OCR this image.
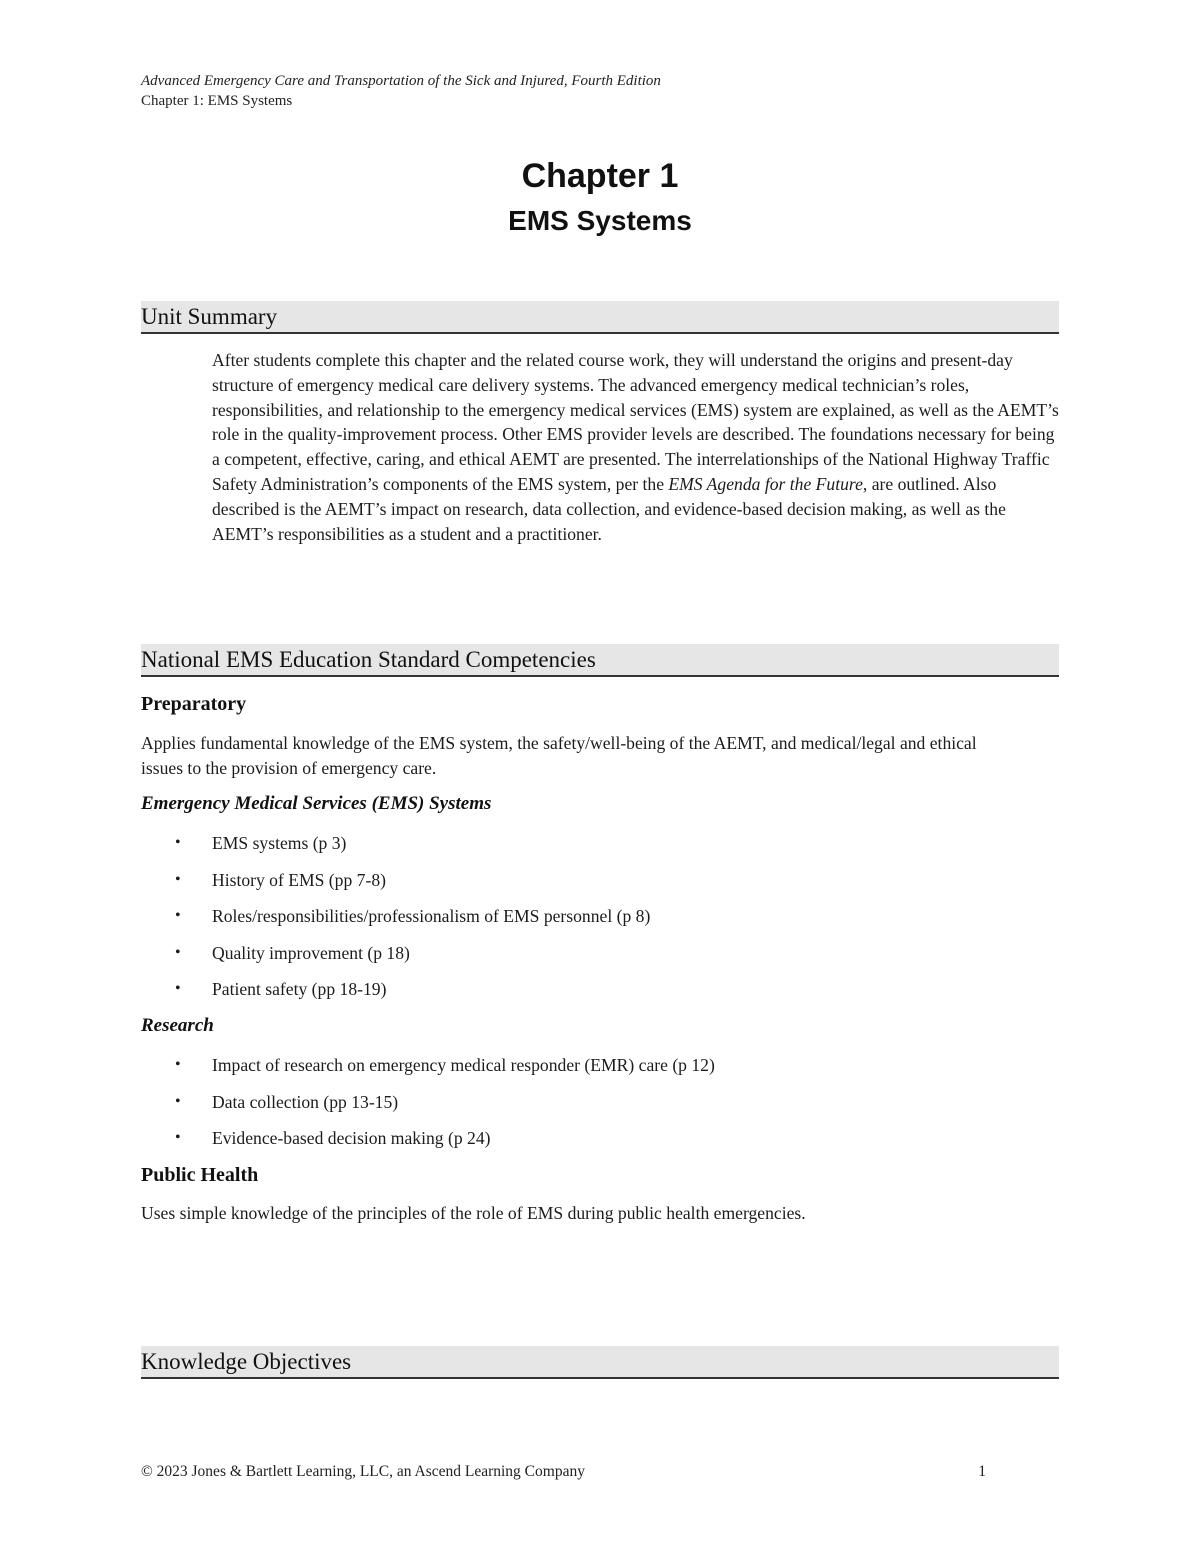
Advanced Emergency Care and Transportation of the Sick and Injured, Fourth Edition
Chapter 1: EMS Systems
Chapter 1
EMS Systems
Unit Summary
After students complete this chapter and the related course work, they will understand the origins and present-day structure of emergency medical care delivery systems. The advanced emergency medical technician’s roles, responsibilities, and relationship to the emergency medical services (EMS) system are explained, as well as the AEMT’s role in the quality-improvement process. Other EMS provider levels are described. The foundations necessary for being a competent, effective, caring, and ethical AEMT are presented. The interrelationships of the National Highway Traffic Safety Administration’s components of the EMS system, per the EMS Agenda for the Future, are outlined. Also described is the AEMT’s impact on research, data collection, and evidence-based decision making, as well as the AEMT’s responsibilities as a student and a practitioner.
National EMS Education Standard Competencies
Preparatory
Applies fundamental knowledge of the EMS system, the safety/well-being of the AEMT, and medical/legal and ethical issues to the provision of emergency care.
Emergency Medical Services (EMS) Systems
• EMS systems (p 3)
• History of EMS (pp 7-8)
• Roles/responsibilities/professionalism of EMS personnel (p 8)
• Quality improvement (p 18)
• Patient safety (pp 18-19)
Research
• Impact of research on emergency medical responder (EMR) care (p 12)
• Data collection (pp 13-15)
• Evidence-based decision making (p 24)
Public Health
Uses simple knowledge of the principles of the role of EMS during public health emergencies.
Knowledge Objectives
© 2023 Jones & Bartlett Learning, LLC, an Ascend Learning Company	1
